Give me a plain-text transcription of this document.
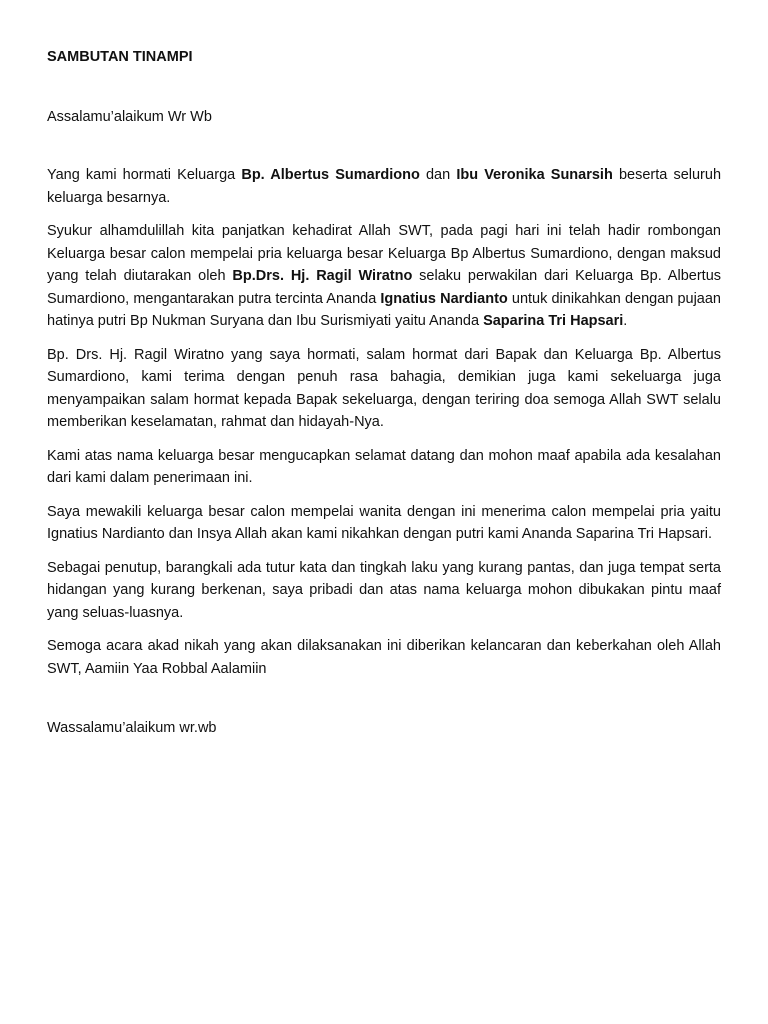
SAMBUTAN TINAMPI

Assalamu’alaikum Wr Wb

Yang kami hormati Keluarga Bp. Albertus Sumardiono dan Ibu Veronika Sunarsih beserta seluruh keluarga besarnya.

Syukur alhamdulillah kita panjatkan kehadirat Allah SWT, pada pagi hari ini telah hadir rombongan Keluarga besar calon mempelai pria keluarga besar Keluarga Bp Albertus Sumardiono, dengan maksud yang telah diutarakan oleh Bp.Drs. Hj. Ragil Wiratno selaku perwakilan dari Keluarga Bp. Albertus Sumardiono, mengantarakan putra tercinta Ananda Ignatius Nardianto untuk dinikahkan dengan pujaan hatinya putri Bp Nukman Suryana dan Ibu Surismiyati yaitu Ananda Saparina Tri Hapsari.

Bp. Drs. Hj. Ragil Wiratno yang saya hormati, salam hormat dari Bapak dan Keluarga Bp. Albertus Sumardiono, kami terima dengan penuh rasa bahagia, demikian juga kami sekeluarga juga menyampaikan salam hormat kepada Bapak sekeluarga, dengan teriring doa semoga Allah SWT selalu memberikan keselamatan, rahmat dan hidayah-Nya.

Kami atas nama keluarga besar mengucapkan selamat datang dan mohon maaf apabila ada kesalahan dari kami dalam penerimaan ini.

Saya mewakili keluarga besar calon mempelai wanita dengan ini menerima calon mempelai pria yaitu Ignatius Nardianto dan Insya Allah akan kami nikahkan dengan putri kami Ananda Saparina Tri Hapsari.

Sebagai penutup, barangkali ada tutur kata dan tingkah laku yang kurang pantas, dan juga tempat serta hidangan yang kurang berkenan, saya pribadi dan atas nama keluarga mohon dibukakan pintu maaf yang seluas-luasnya.

Semoga acara akad nikah yang akan dilaksanakan ini diberikan kelancaran dan keberkahan oleh Allah SWT, Aamiin Yaa Robbal Aalamiin

Wassalamu’alaikum wr.wb
